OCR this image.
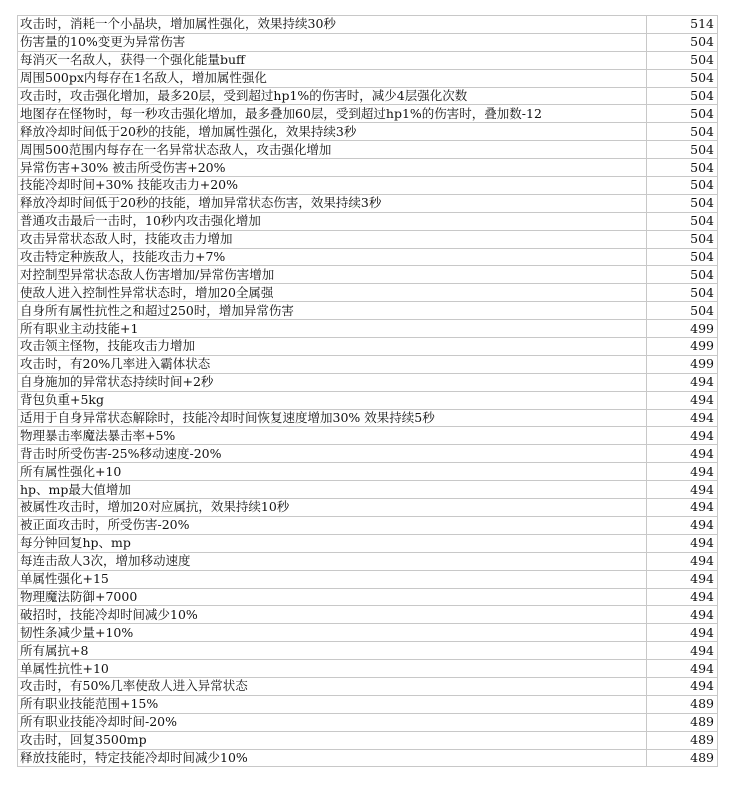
攻击时，消耗一个小晶块，增加属性强化，效果持续30秒	514
伤害量的10%变更为异常伤害	504
每消灭一名敌人，获得一个强化能量buff	504
周围500px内每存在1名敌人，增加属性强化	504
攻击时，攻击强化增加，最多20层，受到超过hp1%的伤害时，减少4层强化次数	504
地图存在怪物时，每一秒攻击强化增加，最多叠加60层，受到超过hp1%的伤害时，叠加数-12	504
释放冷却时间低于20秒的技能，增加属性强化，效果持续3秒	504
周围500范围内每存在一名异常状态敌人，攻击强化增加	504
异常伤害+30% 被击所受伤害+20%	504
技能冷却时间+30% 技能攻击力+20%	504
释放冷却时间低于20秒的技能，增加异常状态伤害，效果持续3秒	504
普通攻击最后一击时，10秒内攻击强化增加	504
攻击异常状态敌人时，技能攻击力增加	504
攻击特定种族敌人，技能攻击力+7%	504
对控制型异常状态敌人伤害增加/异常伤害增加	504
使敌人进入控制性异常状态时，增加20全属强	504
自身所有属性抗性之和超过250时，增加异常伤害	504
所有职业主动技能+1	499
攻击领主怪物，技能攻击力增加	499
攻击时，有20%几率进入霸体状态	499
自身施加的异常状态持续时间+2秒	494
背包负重+5kg	494
适用于自身异常状态解除时，技能冷却时间恢复速度增加30% 效果持续5秒	494
物理暴击率魔法暴击率+5%	494
背击时所受伤害-25%移动速度-20%	494
所有属性强化+10	494
hp、mp最大值增加	494
被属性攻击时，增加20对应属抗，效果持续10秒	494
被正面攻击时，所受伤害-20%	494
每分钟回复hp、mp	494
每连击敌人3次，增加移动速度	494
单属性强化+15	494
物理魔法防御+7000	494
破招时，技能冷却时间减少10%	494
韧性条减少量+10%	494
所有属抗+8	494
单属性抗性+10	494
攻击时，有50%几率使敌人进入异常状态	494
所有职业技能范围+15%	489
所有职业技能冷却时间-20%	489
攻击时，回复3500mp	489
释放技能时，特定技能冷却时间减少10%	489
